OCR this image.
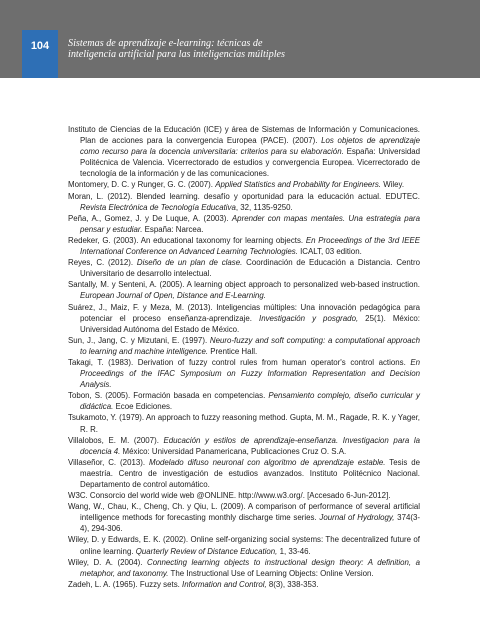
104 Sistemas de aprendizaje e-learning: técnicas de
inteligencia artificial para las inteligencias múltiples
Instituto de Ciencias de la Educación (ICE) y área de Sistemas de Información y Comunicaciones. Plan de acciones para la convergencia Europea (PACE). (2007). Los objetos de aprendizaje como recurso para la docencia universitaria: criterios para su elaboración. España: Universidad Politécnica de Valencia. Vicerrectorado de estudios y convergencia Europea. Vicerrectorado de tecnología de la información y de las comunicaciones.
Montomery, D. C. y Runger, G. C. (2007). Applied Statistics and Probability for Engineers. Wiley.
Moran, L. (2012). Blended learning. desafío y oportunidad para la educación actual. EDUTEC. Revista Electrónica de Tecnología Educativa, 32, 1135-9250.
Peña, A., Gomez, J. y De Luque, A. (2003). Aprender con mapas mentales. Una estrategia para pensar y estudiar. España: Narcea.
Redeker, G. (2003). An educational taxonomy for learning objects. En Proceedings of the 3rd IEEE International Conference on Advanced Learning Technologies. ICALT, 03 edition.
Reyes, C. (2012). Diseño de un plan de clase. Coordinación de Educación a Distancia. Centro Universitario de desarrollo intelectual.
Santally, M. y Senteni, A. (2005). A learning object approach to personalized web-based instruction. European Journal of Open, Distance and E-Learning.
Suárez, J., Maiz, F. y Meza, M. (2013). Inteligencias múltiples: Una innovación pedagógica para potenciar el proceso enseñanza-aprendizaje. Investigación y posgrado, 25(1). México: Universidad Autónoma del Estado de México.
Sun, J., Jang, C. y Mizutani, E. (1997). Neuro-fuzzy and soft computing: a computational approach to learning and machine intelligence. Prentice Hall.
Takagi, T. (1983). Derivation of fuzzy control rules from human operator's control actions. En Proceedings of the IFAC Symposium on Fuzzy Information Representation and Decision Analysis.
Tobon, S. (2005). Formación basada en competencias. Pensamiento complejo, diseño curricular y didáctica. Ecoe Ediciones.
Tsukamoto, Y. (1979). An approach to fuzzy reasoning method. Gupta, M. M., Ragade, R. K. y Yager, R. R.
Villalobos, E. M. (2007). Educación y estilos de aprendizaje-enseñanza. Investigacion para la docencia 4. México: Universidad Panamericana, Publicaciones Cruz O. S.A.
Villaseñor, C. (2013). Modelado difuso neuronal con algoritmo de aprendizaje estable. Tesis de maestría. Centro de investigación de estudios avanzados. Instituto Politécnico Nacional. Departamento de control automático.
W3C. Consorcio del world wide web @ONLINE. http://www.w3.org/. [Accesado 6-Jun-2012].
Wang, W., Chau, K., Cheng, Ch. y Qiu, L. (2009). A comparison of performance of several artificial intelligence methods for forecasting monthly discharge time series. Journal of Hydrology, 374(3-4), 294-306.
Wiley, D. y Edwards, E. K. (2002). Online self-organizing social systems: The decentralized future of online learning. Quarterly Review of Distance Education, 1, 33-46.
Wiley, D. A. (2004). Connecting learning objects to instructional design theory: A definition, a metaphor, and taxonomy. The Instructional Use of Learning Objects: Online Version.
Zadeh, L. A. (1965). Fuzzy sets. Information and Control, 8(3), 338-353.
